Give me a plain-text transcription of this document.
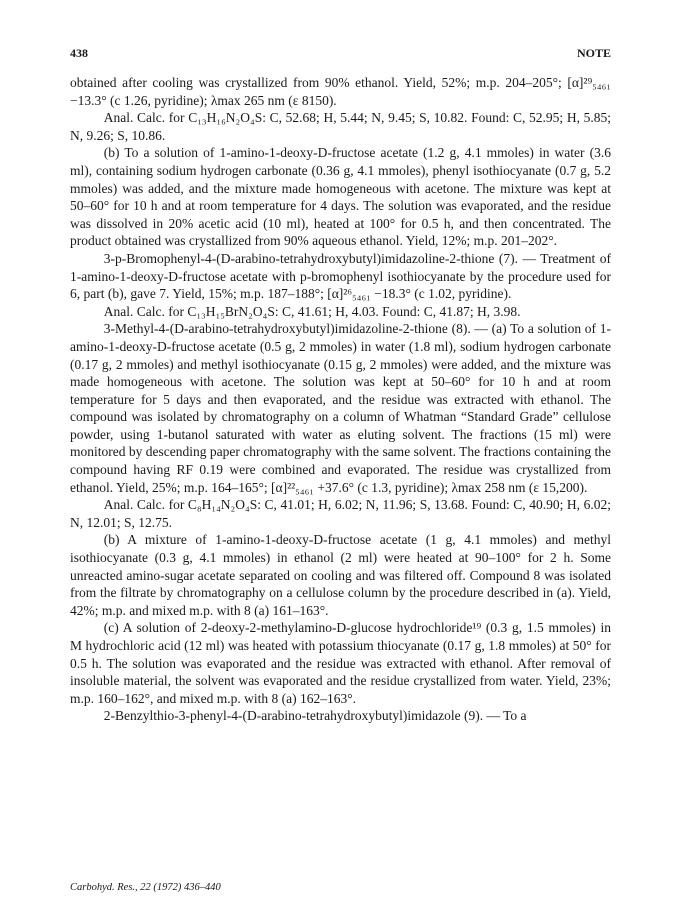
438	NOTE

obtained after cooling was crystallized from 90% ethanol. Yield, 52%; m.p. 204–205°; [α]²⁹₅₄₆₁ −13.3° (c 1.26, pyridine); λmax 265 nm (ε 8150).

Anal. Calc. for C₁₃H₁₆N₂O₄S: C, 52.68; H, 5.44; N, 9.45; S, 10.82. Found: C, 52.95; H, 5.85; N, 9.26; S, 10.86.

(b) To a solution of 1-amino-1-deoxy-D-fructose acetate (1.2 g, 4.1 mmoles) in water (3.6 ml), containing sodium hydrogen carbonate (0.36 g, 4.1 mmoles), phenyl isothiocyanate (0.7 g, 5.2 mmoles) was added, and the mixture made homogeneous with acetone. The mixture was kept at 50–60° for 10 h and at room temperature for 4 days. The solution was evaporated, and the residue was dissolved in 20% acetic acid (10 ml), heated at 100° for 0.5 h, and then concentrated. The product obtained was crystallized from 90% aqueous ethanol. Yield, 12%; m.p. 201–202°.

3-p-Bromophenyl-4-(D-arabino-tetrahydroxybutyl)imidazoline-2-thione (7). — Treatment of 1-amino-1-deoxy-D-fructose acetate with p-bromophenyl isothiocyanate by the procedure used for 6, part (b), gave 7. Yield, 15%; m.p. 187–188°; [α]²⁶₅₄₆₁ −18.3° (c 1.02, pyridine).

Anal. Calc. for C₁₃H₁₅BrN₂O₄S: C, 41.61; H, 4.03. Found: C, 41.87; H, 3.98.

3-Methyl-4-(D-arabino-tetrahydroxybutyl)imidazoline-2-thione (8). — (a) To a solution of 1-amino-1-deoxy-D-fructose acetate (0.5 g, 2 mmoles) in water (1.8 ml), sodium hydrogen carbonate (0.17 g, 2 mmoles) and methyl isothiocyanate (0.15 g, 2 mmoles) were added, and the mixture was made homogeneous with acetone. The solution was kept at 50–60° for 10 h and at room temperature for 5 days and then evaporated, and the residue was extracted with ethanol. The compound was isolated by chromatography on a column of Whatman “Standard Grade” cellulose powder, using 1-butanol saturated with water as eluting solvent. The fractions (15 ml) were monitored by descending paper chromatography with the same solvent. The fractions containing the compound having RF 0.19 were combined and evaporated. The residue was crystallized from ethanol. Yield, 25%; m.p. 164–165°; [α]²²₅₄₆₁ +37.6° (c 1.3, pyridine); λmax 258 nm (ε 15,200).

Anal. Calc. for C₈H₁₄N₂O₄S: C, 41.01; H, 6.02; N, 11.96; S, 13.68. Found: C, 40.90; H, 6.02; N, 12.01; S, 12.75.

(b) A mixture of 1-amino-1-deoxy-D-fructose acetate (1 g, 4.1 mmoles) and methyl isothiocyanate (0.3 g, 4.1 mmoles) in ethanol (2 ml) were heated at 90–100° for 2 h. Some unreacted amino-sugar acetate separated on cooling and was filtered off. Compound 8 was isolated from the filtrate by chromatography on a cellulose column by the procedure described in (a). Yield, 42%; m.p. and mixed m.p. with 8 (a) 161–163°.

(c) A solution of 2-deoxy-2-methylamino-D-glucose hydrochloride¹⁹ (0.3 g, 1.5 mmoles) in M hydrochloric acid (12 ml) was heated with potassium thiocyanate (0.17 g, 1.8 mmoles) at 50° for 0.5 h. The solution was evaporated and the residue was extracted with ethanol. After removal of insoluble material, the solvent was evaporated and the residue crystallized from water. Yield, 23%; m.p. 160–162°, and mixed m.p. with 8 (a) 162–163°.

2-Benzylthio-3-phenyl-4-(D-arabino-tetrahydroxybutyl)imidazole (9). — To a

Carbohyd. Res., 22 (1972) 436–440
